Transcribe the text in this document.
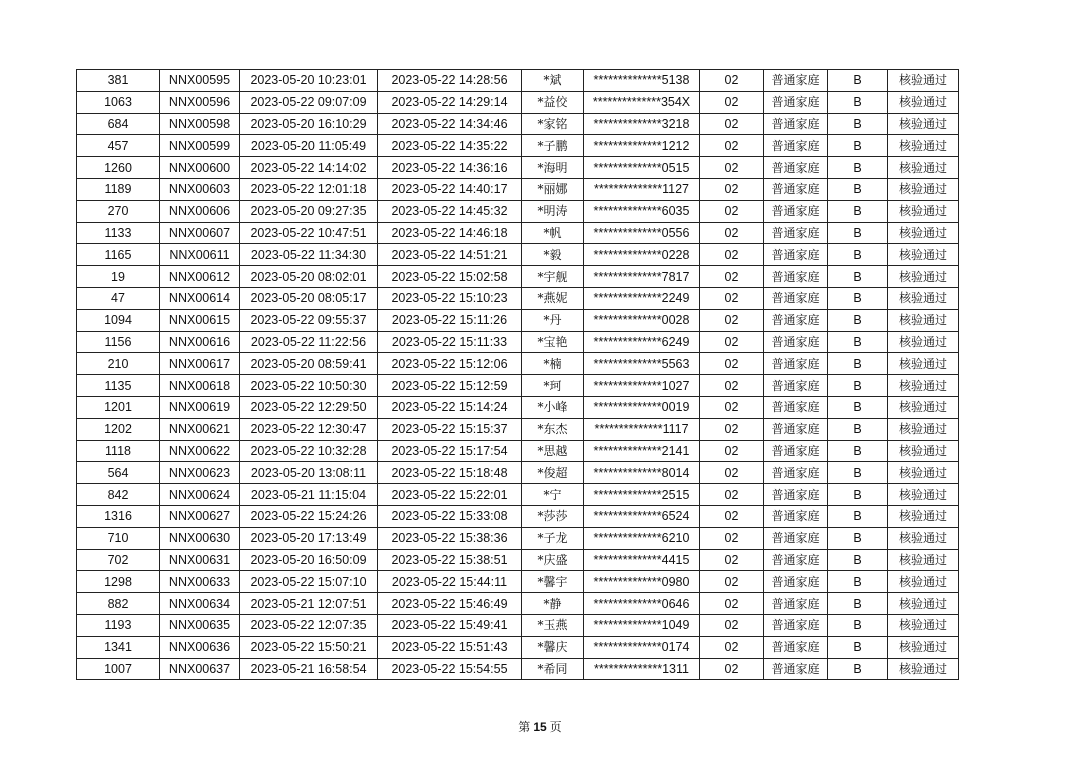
381	NNX00595	2023-05-20 10:23:01	2023-05-22 14:28:56	*斌	**************5138	02	普通家庭	B	核验通过
1063	NNX00596	2023-05-22 09:07:09	2023-05-22 14:29:14	*益佼	**************354X	02	普通家庭	B	核验通过
684	NNX00598	2023-05-20 16:10:29	2023-05-22 14:34:46	*家铭	**************3218	02	普通家庭	B	核验通过
457	NNX00599	2023-05-20 11:05:49	2023-05-22 14:35:22	*子鹏	**************1212	02	普通家庭	B	核验通过
1260	NNX00600	2023-05-22 14:14:02	2023-05-22 14:36:16	*海明	**************0515	02	普通家庭	B	核验通过
1189	NNX00603	2023-05-22 12:01:18	2023-05-22 14:40:17	*丽娜	**************1127	02	普通家庭	B	核验通过
270	NNX00606	2023-05-20 09:27:35	2023-05-22 14:45:32	*明涛	**************6035	02	普通家庭	B	核验通过
1133	NNX00607	2023-05-22 10:47:51	2023-05-22 14:46:18	*帆	**************0556	02	普通家庭	B	核验通过
1165	NNX00611	2023-05-22 11:34:30	2023-05-22 14:51:21	*毅	**************0228	02	普通家庭	B	核验通过
19	NNX00612	2023-05-20 08:02:01	2023-05-22 15:02:58	*宇舰	**************7817	02	普通家庭	B	核验通过
47	NNX00614	2023-05-20 08:05:17	2023-05-22 15:10:23	*燕妮	**************2249	02	普通家庭	B	核验通过
1094	NNX00615	2023-05-22 09:55:37	2023-05-22 15:11:26	*丹	**************0028	02	普通家庭	B	核验通过
1156	NNX00616	2023-05-22 11:22:56	2023-05-22 15:11:33	*宝艳	**************6249	02	普通家庭	B	核验通过
210	NNX00617	2023-05-20 08:59:41	2023-05-22 15:12:06	*楠	**************5563	02	普通家庭	B	核验通过
1135	NNX00618	2023-05-22 10:50:30	2023-05-22 15:12:59	*珂	**************1027	02	普通家庭	B	核验通过
1201	NNX00619	2023-05-22 12:29:50	2023-05-22 15:14:24	*小峰	**************0019	02	普通家庭	B	核验通过
1202	NNX00621	2023-05-22 12:30:47	2023-05-22 15:15:37	*东杰	**************1117	02	普通家庭	B	核验通过
1118	NNX00622	2023-05-22 10:32:28	2023-05-22 15:17:54	*思越	**************2141	02	普通家庭	B	核验通过
564	NNX00623	2023-05-20 13:08:11	2023-05-22 15:18:48	*俊超	**************8014	02	普通家庭	B	核验通过
842	NNX00624	2023-05-21 11:15:04	2023-05-22 15:22:01	*宁	**************2515	02	普通家庭	B	核验通过
1316	NNX00627	2023-05-22 15:24:26	2023-05-22 15:33:08	*莎莎	**************6524	02	普通家庭	B	核验通过
710	NNX00630	2023-05-20 17:13:49	2023-05-22 15:38:36	*子龙	**************6210	02	普通家庭	B	核验通过
702	NNX00631	2023-05-20 16:50:09	2023-05-22 15:38:51	*庆盛	**************4415	02	普通家庭	B	核验通过
1298	NNX00633	2023-05-22 15:07:10	2023-05-22 15:44:11	*馨宇	**************0980	02	普通家庭	B	核验通过
882	NNX00634	2023-05-21 12:07:51	2023-05-22 15:46:49	*静	**************0646	02	普通家庭	B	核验通过
1193	NNX00635	2023-05-22 12:07:35	2023-05-22 15:49:41	*玉燕	**************1049	02	普通家庭	B	核验通过
1341	NNX00636	2023-05-22 15:50:21	2023-05-22 15:51:43	*馨庆	**************0174	02	普通家庭	B	核验通过
1007	NNX00637	2023-05-21 16:58:54	2023-05-22 15:54:55	*希同	**************1311	02	普通家庭	B	核验通过
第 15 页
